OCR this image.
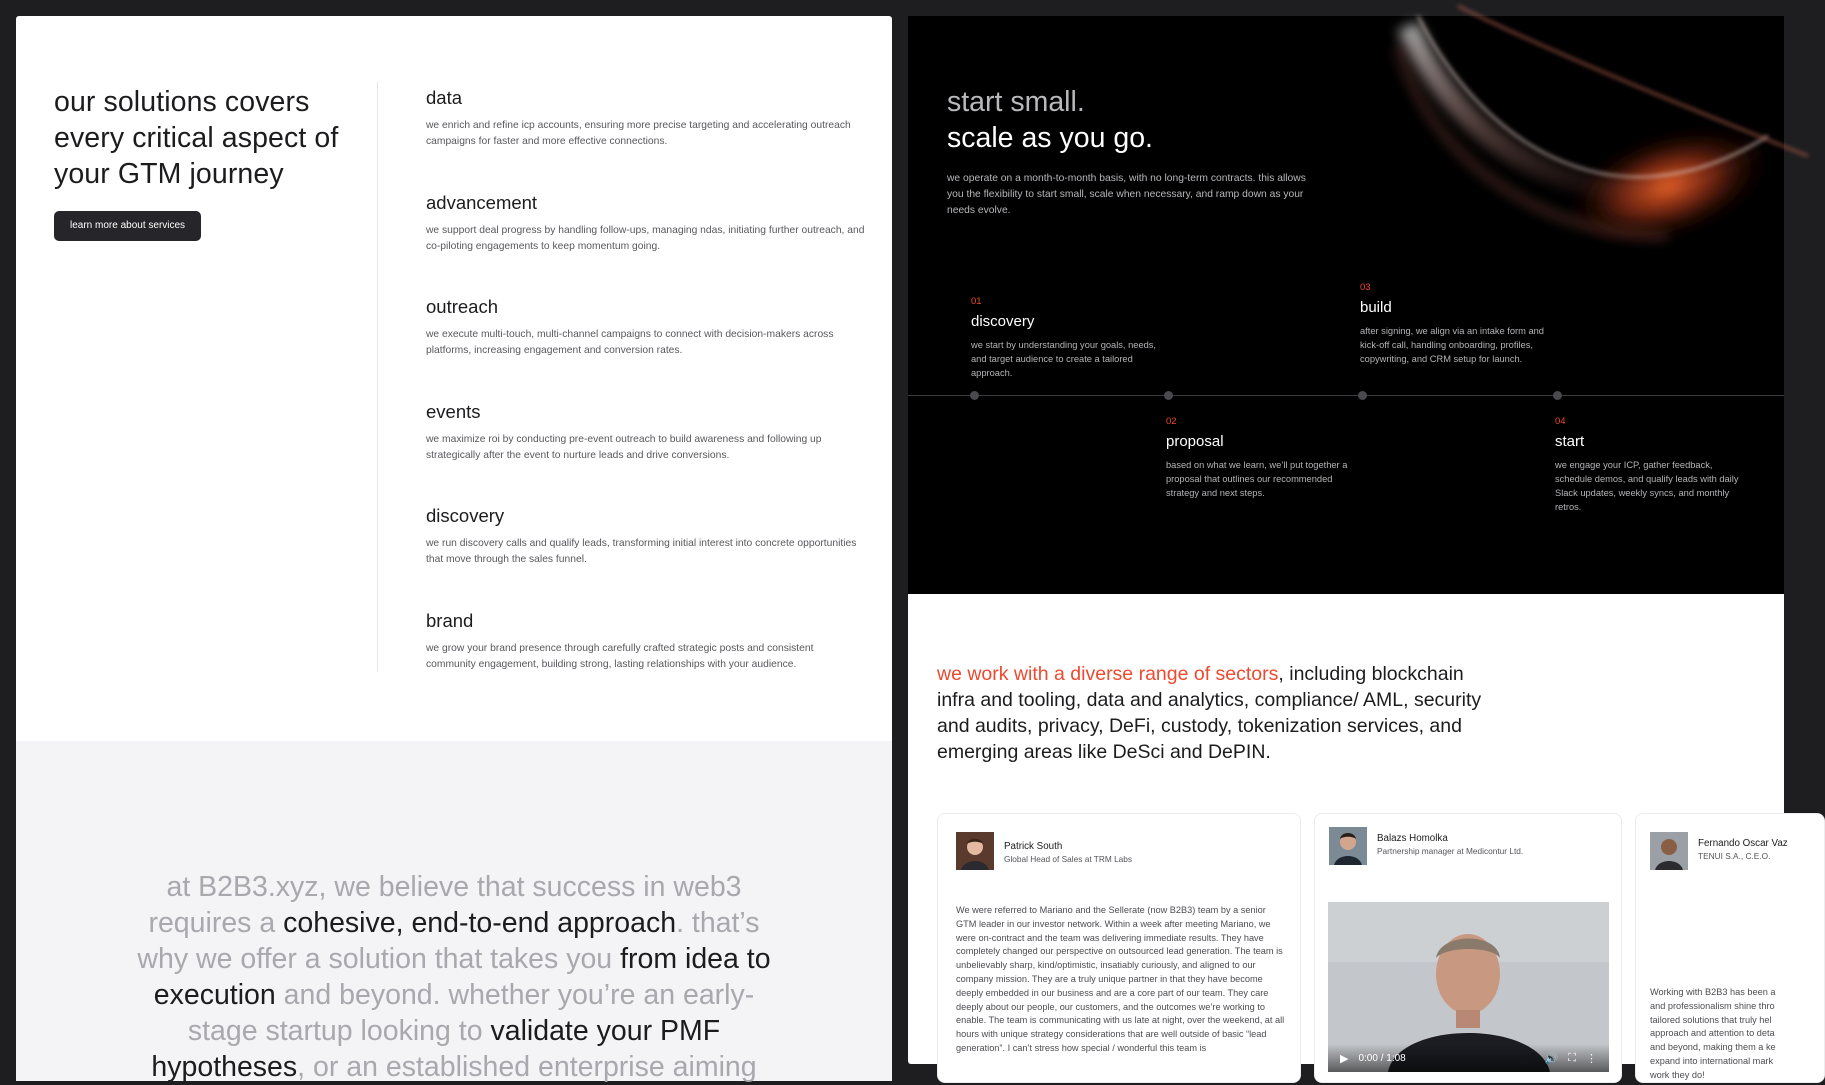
our solutions covers every critical aspect of your GTM journey
learn more about services
data
we enrich and refine icp accounts, ensuring more precise targeting and accelerating outreach campaigns for faster and more effective connections.
advancement
we support deal progress by handling follow-ups, managing ndas, initiating further outreach, and co-piloting engagements to keep momentum going.
outreach
we execute multi-touch, multi-channel campaigns to connect with decision-makers across platforms, increasing engagement and conversion rates.
events
we maximize roi by conducting pre-event outreach to build awareness and following up strategically after the event to nurture leads and drive conversions.
discovery
we run discovery calls and qualify leads, transforming initial interest into concrete opportunities that move through the sales funnel.
brand
we grow your brand presence through carefully crafted strategic posts and consistent community engagement, building strong, lasting relationships with your audience.

at B2B3.xyz, we believe that success in web3 requires a cohesive, end-to-end approach. that’s why we offer a solution that takes you from idea to execution and beyond. whether you’re an early-stage startup looking to validate your PMF hypotheses, or an established enterprise aiming

start small.
scale as you go.

we operate on a month-to-month basis, with no long-term contracts. this allows you the flexibility to start small, scale when necessary, and ramp down as your needs evolve.

01
discovery
we start by understanding your goals, needs, and target audience to create a tailored approach.
02
proposal
based on what we learn, we’ll put together a proposal that outlines our recommended strategy and next steps.
03
build
after signing, we align via an intake form and kick-off call, handling onboarding, profiles, copywriting, and CRM setup for launch.
04
start
we engage your ICP, gather feedback, schedule demos, and qualify leads with daily Slack updates, weekly syncs, and monthly retros.

we work with a diverse range of sectors, including blockchain infra and tooling, data and analytics, compliance/ AML, security and audits, privacy, DeFi, custody, tokenization services, and emerging areas like DeSci and DePIN.

Patrick South
Global Head of Sales at TRM Labs

We were referred to Mariano and the Sellerate (now B2B3) team by a senior GTM leader in our investor network. Within a week after meeting Mariano, we were on-contract and the team was delivering immediate results. They have completely changed our perspective on outsourced lead generation. The team is unbelievably sharp, kind/optimistic, insatiably curiously, and aligned to our company mission. They are a truly unique partner in that they have become deeply embedded in our business and are a core part of our team. They care deeply about our people, our customers, and the outcomes we’re working to enable. The team is communicating with us late at night, over the weekend, at all hours with unique strategy considerations that are well outside of basic “lead generation”. I can’t stress how special / wonderful this team is

Balazs Homolka
Partnership manager at Medicontur Ltd.
▶ 0:00 / 1:08	🔊 ⛶ ⋮
Fernando Oscar Vaz
TENUI S.A., C.E.O.

Working with B2B3 has been a and professionalism shine thro tailored solutions that truly hel approach and attention to deta and beyond, making them a ke expand into international mark work they do!
